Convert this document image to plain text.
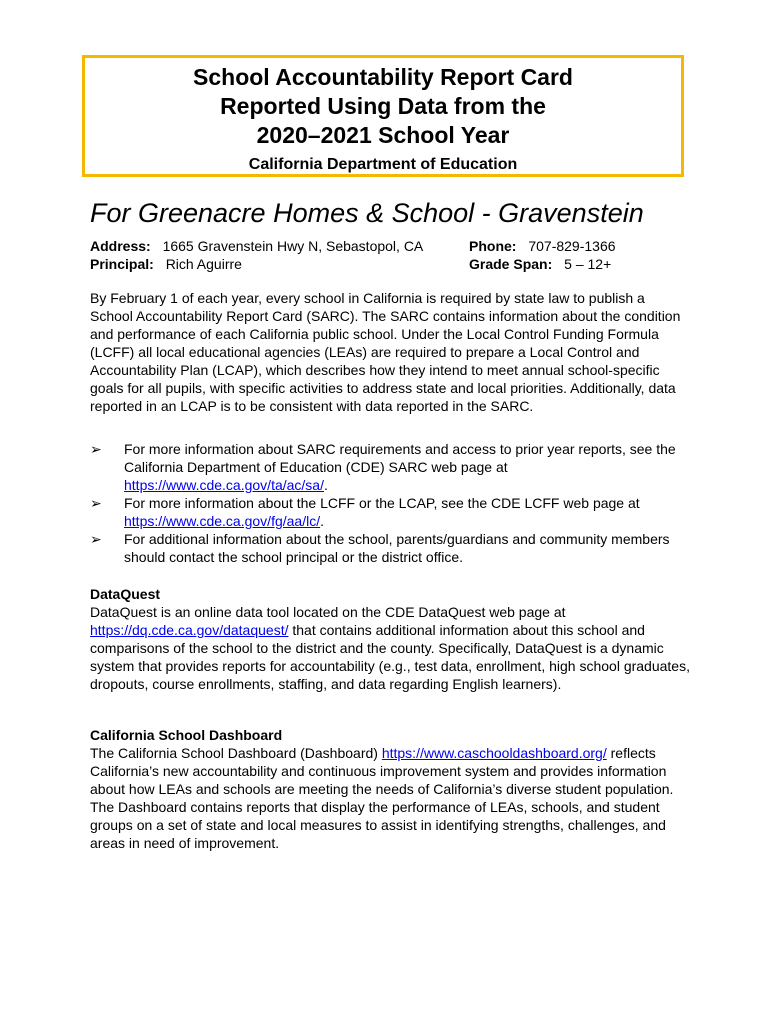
School Accountability Report Card
Reported Using Data from the
2020–2021 School Year
California Department of Education
For Greenacre Homes & School - Gravenstein
Address: 1665 Gravenstein Hwy N, Sebastopol, CA	Phone: 707-829-1366
Principal: Rich Aguirre	Grade Span: 5 – 12+
By February 1 of each year, every school in California is required by state law to publish a School Accountability Report Card (SARC). The SARC contains information about the condition and performance of each California public school. Under the Local Control Funding Formula (LCFF) all local educational agencies (LEAs) are required to prepare a Local Control and Accountability Plan (LCAP), which describes how they intend to meet annual school-specific goals for all pupils, with specific activities to address state and local priorities. Additionally, data reported in an LCAP is to be consistent with data reported in the SARC.
➢ For more information about SARC requirements and access to prior year reports, see the California Department of Education (CDE) SARC web page at https://www.cde.ca.gov/ta/ac/sa/.
➢ For more information about the LCFF or the LCAP, see the CDE LCFF web page at https://www.cde.ca.gov/fg/aa/lc/.
➢ For additional information about the school, parents/guardians and community members should contact the school principal or the district office.
DataQuest
DataQuest is an online data tool located on the CDE DataQuest web page at https://dq.cde.ca.gov/dataquest/ that contains additional information about this school and comparisons of the school to the district and the county. Specifically, DataQuest is a dynamic system that provides reports for accountability (e.g., test data, enrollment, high school graduates, dropouts, course enrollments, staffing, and data regarding English learners).
California School Dashboard
The California School Dashboard (Dashboard) https://www.caschooldashboard.org/ reflects California’s new accountability and continuous improvement system and provides information about how LEAs and schools are meeting the needs of California’s diverse student population. The Dashboard contains reports that display the performance of LEAs, schools, and student groups on a set of state and local measures to assist in identifying strengths, challenges, and areas in need of improvement.
